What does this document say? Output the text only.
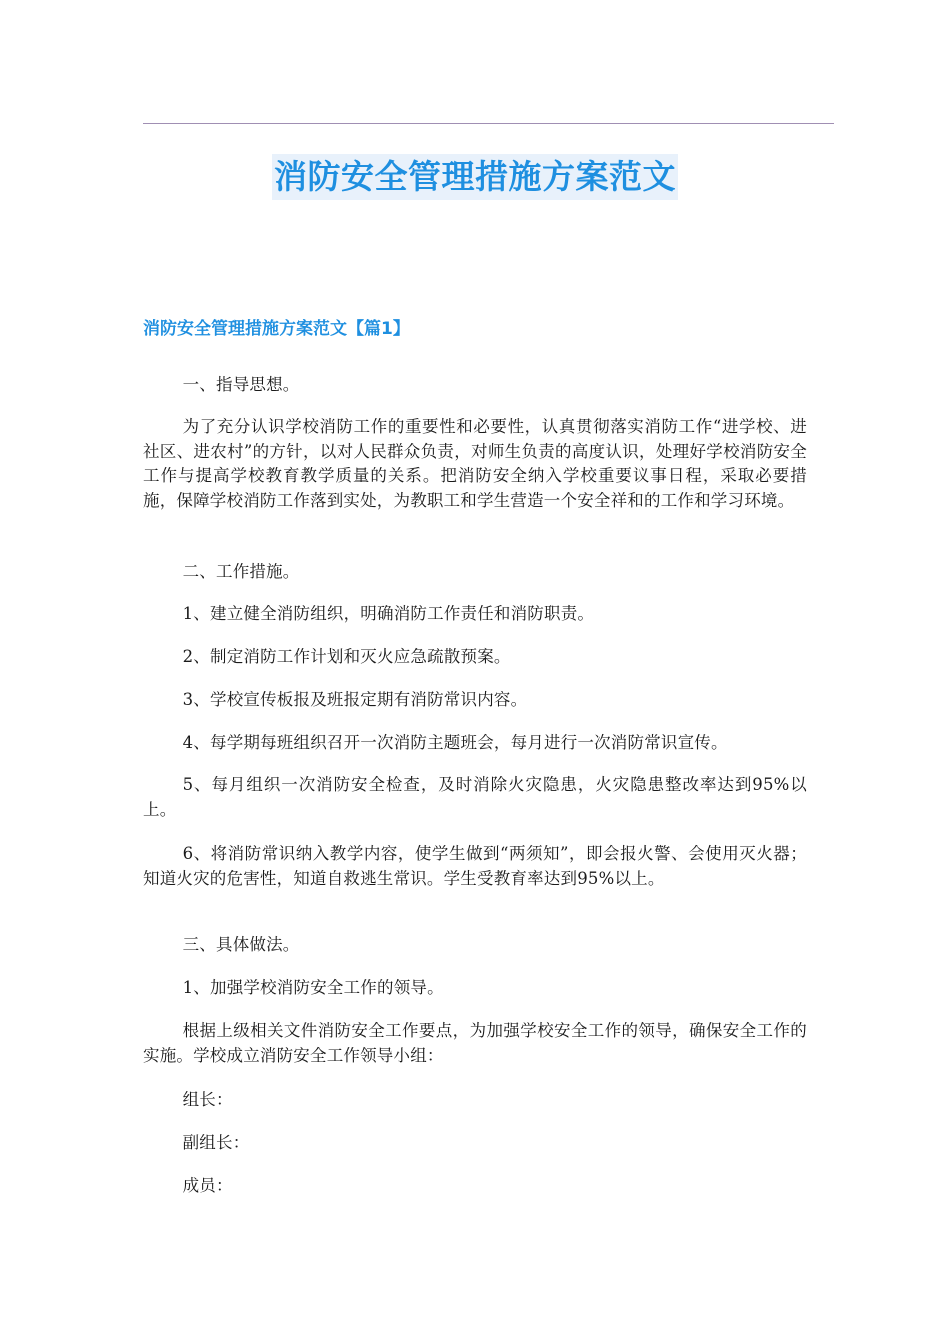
消防安全管理措施方案范文
消防安全管理措施方案范文【篇1】

一、指导思想。

为了充分认识学校消防工作的重要性和必要性，认真贯彻落实消防工作“进学校、进社区、进农村”的方针，以对人民群众负责，对师生负责的高度认识，处理好学校消防安全工作与提高学校教育教学质量的关系。把消防安全纳入学校重要议事日程，采取必要措施，保障学校消防工作落到实处，为教职工和学生营造一个安全祥和的工作和学习环境。

二、工作措施。

1、建立健全消防组织，明确消防工作责任和消防职责。

2、制定消防工作计划和灭火应急疏散预案。

3、学校宣传板报及班报定期有消防常识内容。

4、每学期每班组织召开一次消防主题班会，每月进行一次消防常识宣传。

5、每月组织一次消防安全检查，及时消除火灾隐患，火灾隐患整改率达到95%以上。

6、将消防常识纳入教学内容，使学生做到“两须知”，即会报火警、会使用灭火器；知道火灾的危害性，知道自救逃生常识。学生受教育率达到95%以上。

三、具体做法。

1、加强学校消防安全工作的领导。

根据上级相关文件消防安全工作要点，为加强学校安全工作的领导，确保安全工作的实施。学校成立消防安全工作领导小组：

组长：

副组长：

成员：
